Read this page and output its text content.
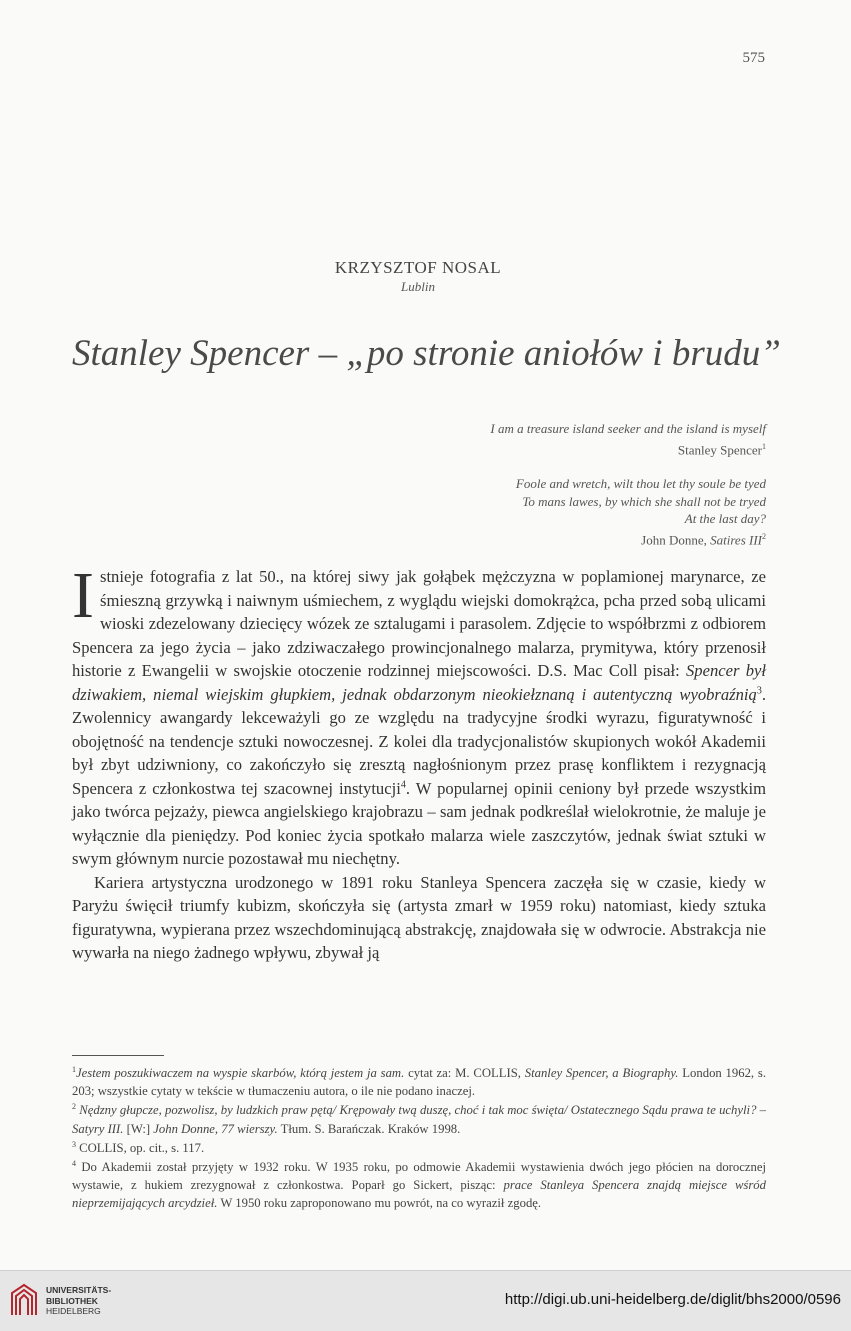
575
KRZYSZTOF NOSAL
Lublin
Stanley Spencer – „po stronie aniołów i brudu”
I am a treasure island seeker and the island is myself
Stanley Spencer$^1$
Foole and wretch, wilt thou let thy soule be tyed
To mans lawes, by which she shall not be tryed
At the last day?
John Donne, Satires III$^2$

Istnieje fotografia z lat 50., na której siwy jak gołąbek mężczyzna w poplamionej marynarce, ze śmieszną grzywką i naiwnym uśmiechem, z wyglądu wiejski domokrążca, pcha przed sobą ulicami wioski zdezelowany dziecięcy wózek ze sztalugami i parasolem. Zdjęcie to współbrzmi z odbiorem Spencera za jego życia – jako zdziwaczałego prowincjonalnego malarza, prymitywa, który przenosił historie z Ewangelii w swojskie otoczenie rodzinnej miejscowości. D.S. Mac Coll pisał: Spencer był dziwakiem, niemal wiejskim głupkiem, jednak obdarzonym nieokiełznaną i autentyczną wyobraźnią$^3$. Zwolennicy awangardy lekceważyli go ze względu na tradycyjne środki wyrazu, figuratywność i obojętność na tendencje sztuki nowoczesnej. Z kolei dla tradycjonalistów skupionych wokół Akademii był zbyt udziwniony, co zakończyło się zresztą nagłośnionym przez prasę konfliktem i rezygnacją Spencera z członkostwa tej szacownej instytucji$^4$. W popularnej opinii ceniony był przede wszystkim jako twórca pejzaży, piewca angielskiego krajobrazu – sam jednak podkreślał wielokrotnie, że maluje je wyłącznie dla pieniędzy. Pod koniec życia spotkało malarza wiele zaszczytów, jednak świat sztuki w swym głównym nurcie pozostawał mu niechętny.

Kariera artystyczna urodzonego w 1891 roku Stanleya Spencera zaczęła się w czasie, kiedy w Paryżu święcił triumfy kubizm, skończyła się (artysta zmarł w 1959 roku) natomiast, kiedy sztuka figuratywna, wypierana przez wszechdominującą abstrakcję, znajdowała się w odwrocie. Abstrakcja nie wywarła na niego żadnego wpływu, zbywał ją

$^1$Jestem poszukiwaczem na wyspie skarbów, którą jestem ja sam. cytat za: M. COLLIS, Stanley Spencer, a Biography. London 1962, s. 203; wszystkie cytaty w tekście w tłumaczeniu autora, o ile nie podano inaczej.

$^2$ Nędzny głupcze, pozwolisz, by ludzkich praw pętą/ Krępowały twą duszę, choć i tak moc święta/ Ostatecznego Sądu prawa te uchyli? – Satyry III. [W:] John Donne, 77 wierszy. Tłum. S. Barańczak. Kraków 1998.

$^3$ COLLIS, op. cit., s. 117.

$^4$ Do Akademii został przyjęty w 1932 roku. W 1935 roku, po odmowie Akademii wystawienia dwóch jego płócien na dorocznej wystawie, z hukiem zrezygnował z członkostwa. Poparł go Sickert, pisząc: prace Stanleya Spencera znajdą miejsce wśród nieprzemijających arcydzieł. W 1950 roku zaproponowano mu powrót, na co wyraził zgodę.

UNIVERSITÄTS-
BIBLIOTHEK
HEIDELBERG
http://digi.ub.uni-heidelberg.de/diglit/bhs2000/0596
